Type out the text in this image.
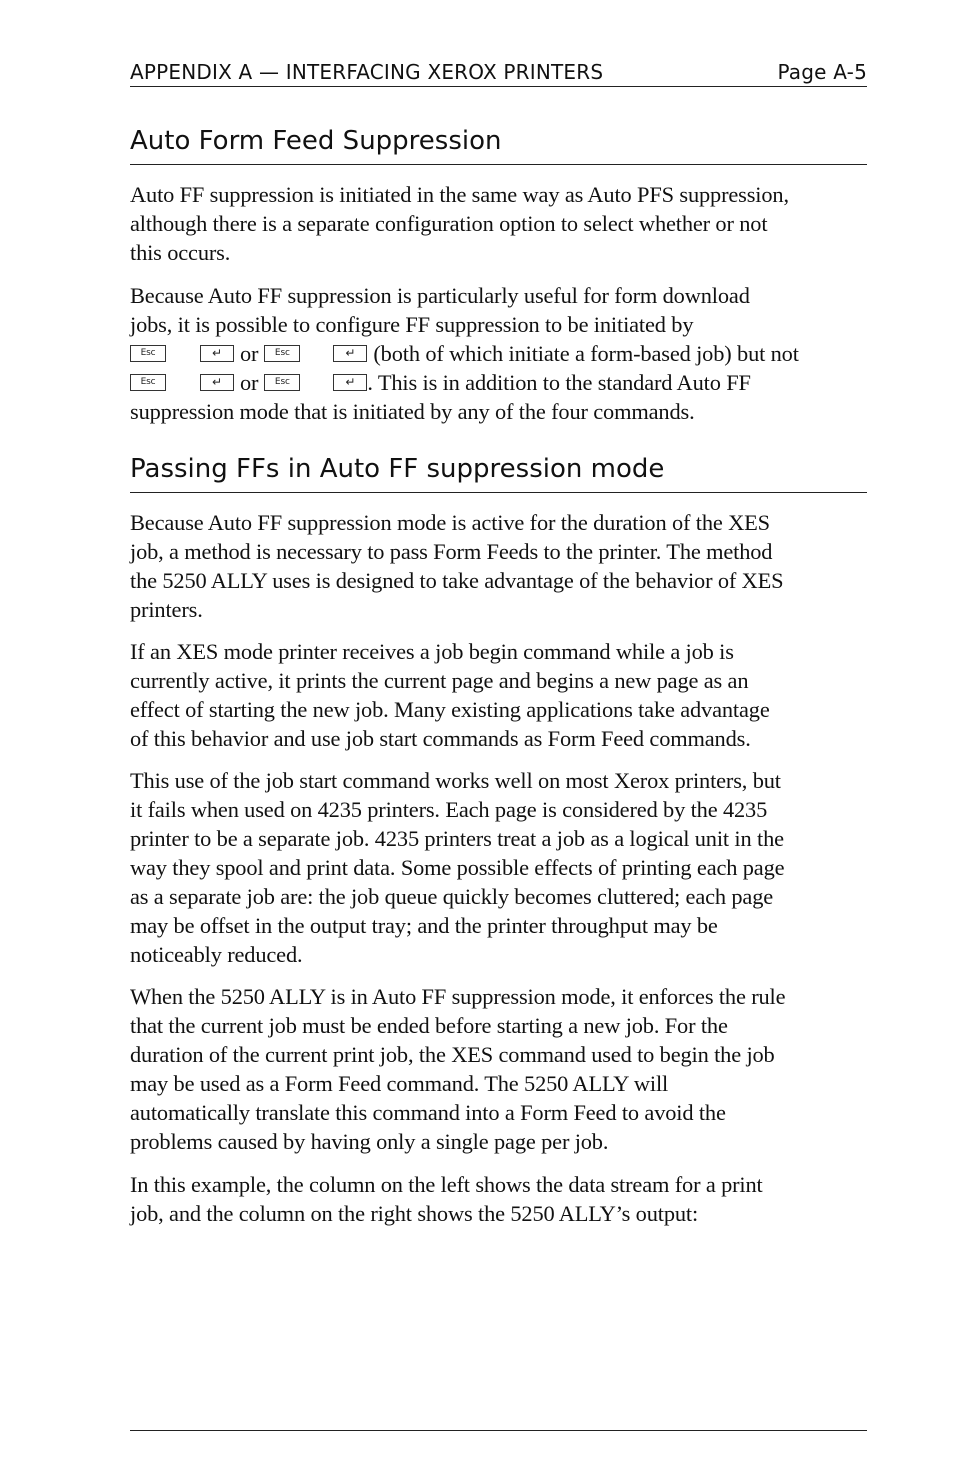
APPENDIX A — INTERFACING XEROX PRINTERS	Page A-5
Auto Form Feed Suppression

Auto FF suppression is initiated in the same way as Auto PFS suppression,
although there is a separate configuration option to select whether or not
this occurs.

Because Auto FF suppression is particularly useful for form download
jobs, it is possible to configure FF suppression to be initiated by
Esc	↵ or Esc	↵ (both of which initiate a form-based job) but not
Esc	↵ or Esc	↵ . This is in addition to the standard Auto FF
suppression mode that is initiated by any of the four commands.

Passing FFs in Auto FF suppression mode

Because Auto FF suppression mode is active for the duration of the XES
job, a method is necessary to pass Form Feeds to the printer. The method
the 5250 ALLY uses is designed to take advantage of the behavior of XES
printers.

If an XES mode printer receives a job begin command while a job is
currently active, it prints the current page and begins a new page as an
effect of starting the new job. Many existing applications take advantage
of this behavior and use job start commands as Form Feed commands.

This use of the job start command works well on most Xerox printers, but
it fails when used on 4235 printers. Each page is considered by the 4235
printer to be a separate job. 4235 printers treat a job as a logical unit in the
way they spool and print data. Some possible effects of printing each page
as a separate job are: the job queue quickly becomes cluttered; each page
may be offset in the output tray; and the printer throughput may be
noticeably reduced.

When the 5250 ALLY is in Auto FF suppression mode, it enforces the rule
that the current job must be ended before starting a new job. For the
duration of the current print job, the XES command used to begin the job
may be used as a Form Feed command. The 5250 ALLY will
automatically translate this command into a Form Feed to avoid the
problems caused by having only a single page per job.

In this example, the column on the left shows the data stream for a print
job, and the column on the right shows the 5250 ALLY’s output:
